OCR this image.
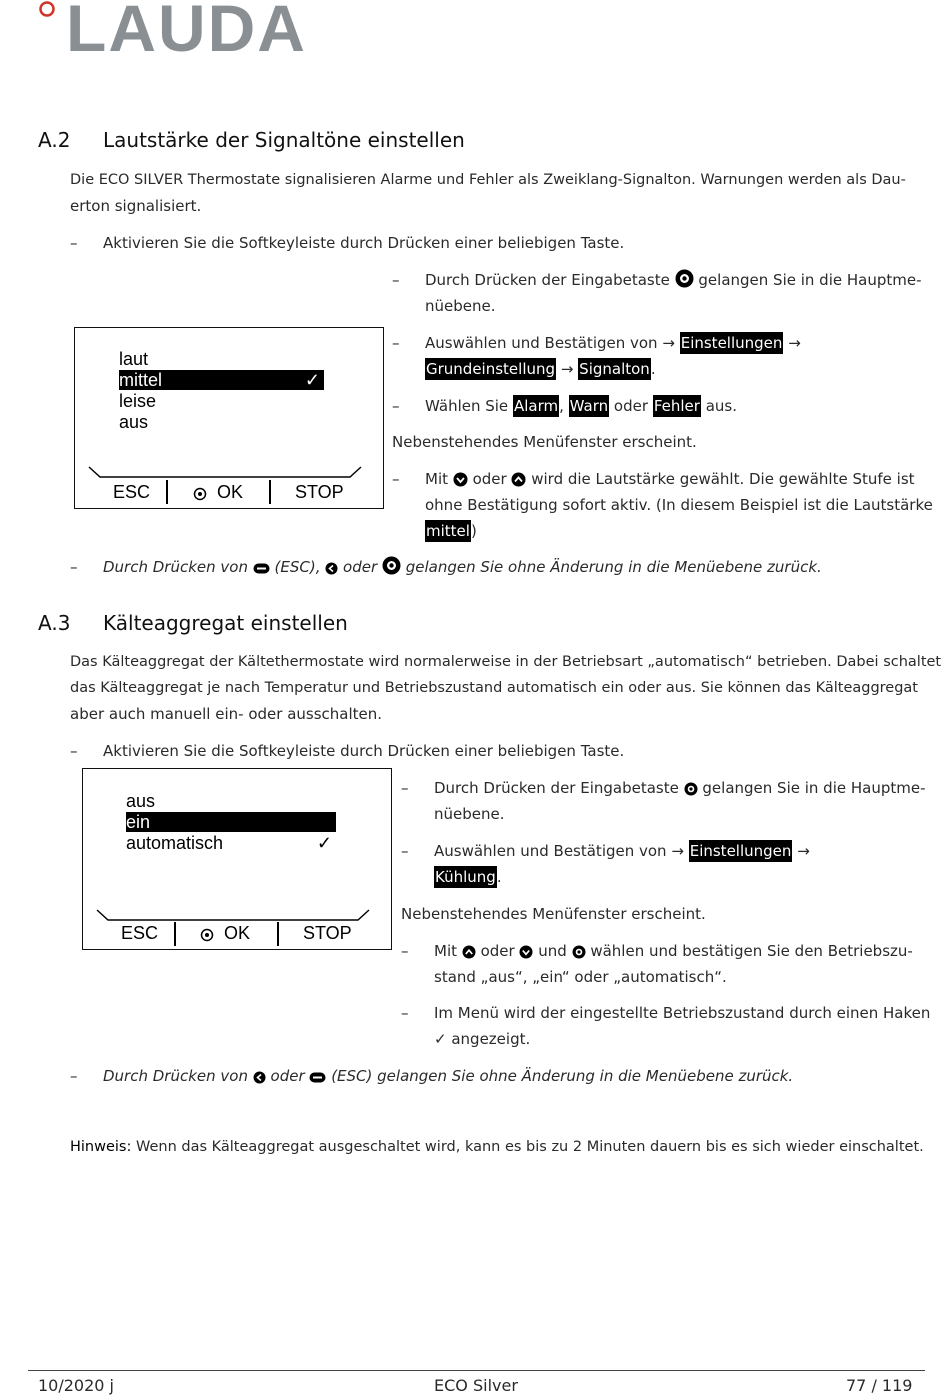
LAUDA
A.2 Lautstärke der Signaltöne einstellen
Die ECO SILVER Thermostate signalisieren Alarme und Fehler als Zweiklang-Signalton. Warnungen werden als Dau-
erton signalisiert.
–	Aktivieren Sie die Softkeyleiste durch Drücken einer beliebigen Taste.
–	Durch Drücken der Eingabetaste gelangen Sie in die Hauptme-
nüebene.
–	Auswählen und Bestätigen von → Einstellungen →
Grundeinstellung → Signalton.
–	Wählen Sie Alarm, Warn oder Fehler aus.
Nebenstehendes Menüfenster erscheint.
–	Mit oder wird die Lautstärke gewählt. Die gewählte Stufe ist
ohne Bestätigung sofort aktiv. (In diesem Beispiel ist die Lautstärke
mittel)
laut
mittel	✓
leise
aus
ESC	OK	STOP
–	Durch Drücken von (ESC), oder gelangen Sie ohne Änderung in die Menüebene zurück.
A.3 Kälteaggregat einstellen
Das Kälteaggregat der Kältethermostate wird normalerweise in der Betriebsart „automatisch“ betrieben. Dabei schaltet
das Kälteaggregat je nach Temperatur und Betriebszustand automatisch ein oder aus. Sie können das Kälteaggregat
aber auch manuell ein- oder ausschalten.
–	Aktivieren Sie die Softkeyleiste durch Drücken einer beliebigen Taste.
aus
ein
automatisch	✓
ESC	OK	STOP
–	Durch Drücken der Eingabetaste gelangen Sie in die Hauptme-
nüebene.
–	Auswählen und Bestätigen von → Einstellungen →
Kühlung.
Nebenstehendes Menüfenster erscheint.
–	Mit oder und wählen und bestätigen Sie den Betriebszu-
stand „aus“, „ein“ oder „automatisch“.
–	Im Menü wird der eingestellte Betriebszustand durch einen Haken
✓ angezeigt.
–	Durch Drücken von oder (ESC) gelangen Sie ohne Änderung in die Menüebene zurück.
Hinweis: Wenn das Kälteaggregat ausgeschaltet wird, kann es bis zu 2 Minuten dauern bis es sich wieder einschaltet.
10/2020 j	ECO Silver	77 / 119
